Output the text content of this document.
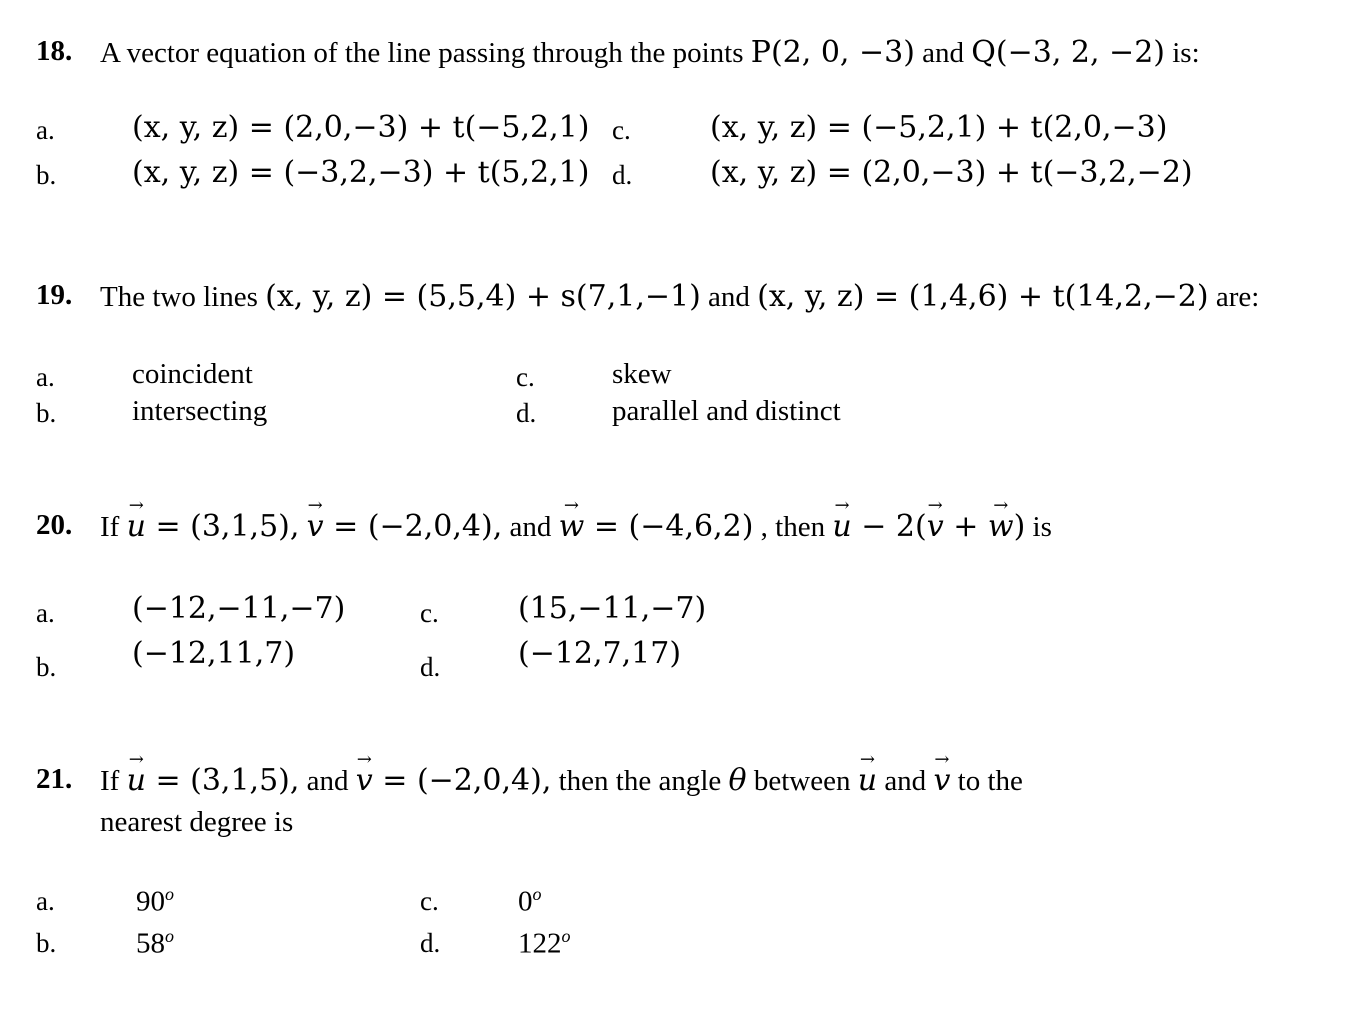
18. A vector equation of the line passing through the points P(2, 0, −3) and Q(−3, 2, −2) is:
a.	(x, y, z) = (2,0,−3) + t(−5,2,1)
b.	(x, y, z) = (−3,2,−3) + t(5,2,1)
c.	(x, y, z) = (−5,2,1) + t(2,0,−3)
d.	(x, y, z) = (2,0,−3) + t(−3,2,−2)
19. The two lines (x, y, z) = (5,5,4) + s(7,1,−1) and (x, y, z) = (1,4,6) + t(14,2,−2) are:
a.	coincident
b.	intersecting
c.	skew
d.	parallel and distinct
20. If → u = (3,1,5), → v = (−2,0,4), and → w = (−4,6,2) , then → u − 2(→ v + → w) is
a.	(−12,−11,−7)
b.	(−12,11,7)
c.	(15,−11,−7)
d.	(−12,7,17)
21. If → u = (3,1,5), and → v = (−2,0,4), then the angle θ between → u and → v to the
nearest degree is
a.	90$^o$
b.	58$^o$
c.	0$^o$
d.	122$^o$
